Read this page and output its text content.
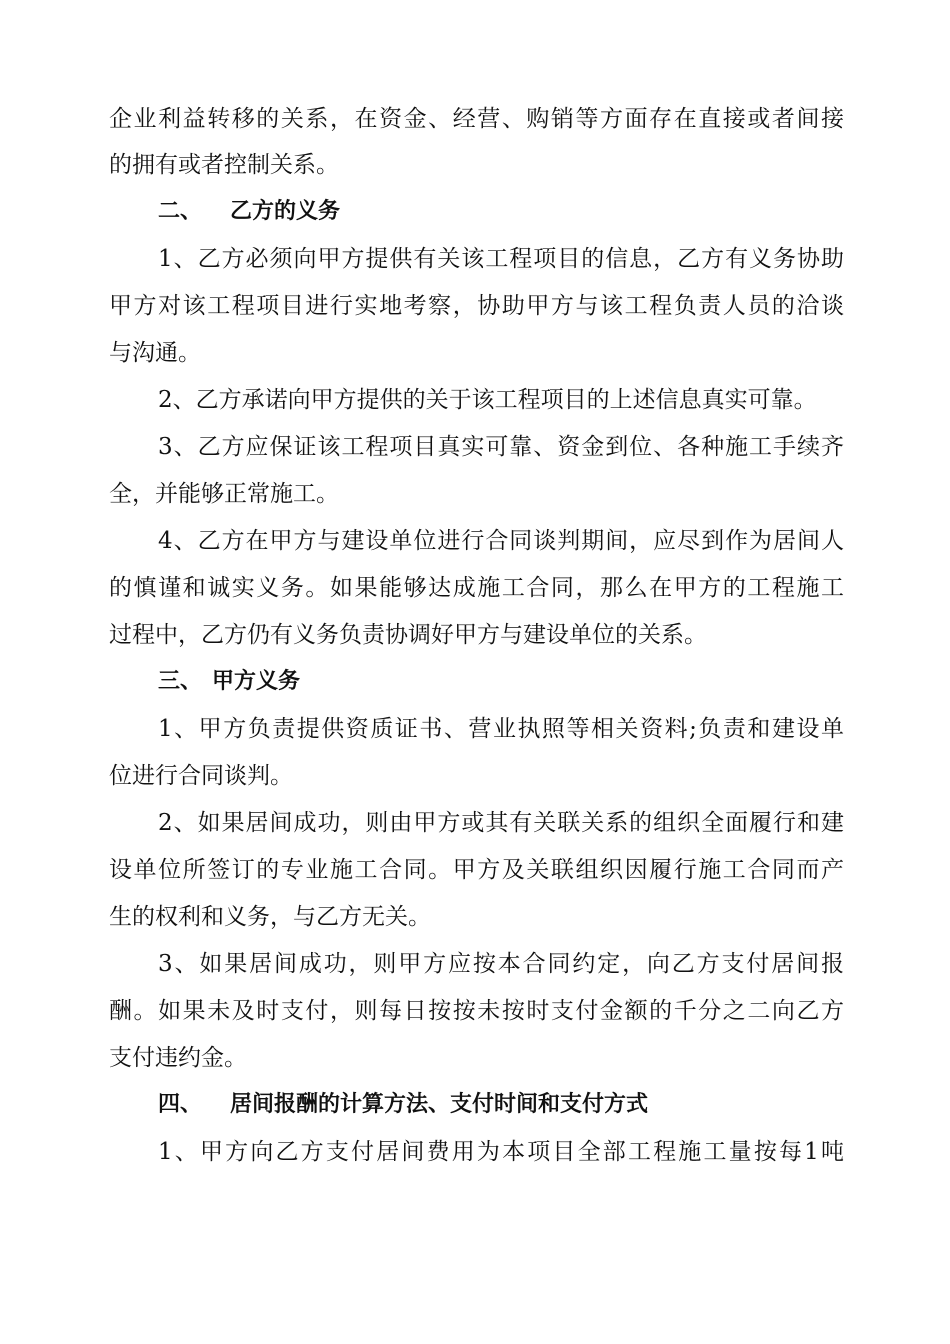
企业利益转移的关系，在资金、经营、购销等方面存在直接或者间接
的拥有或者控制关系。
二、 乙方的义务
1、乙方必须向甲方提供有关该工程项目的信息，乙方有义务协助
甲方对该工程项目进行实地考察，协助甲方与该工程负责人员的洽谈
与沟通。
2、乙方承诺向甲方提供的关于该工程项目的上述信息真实可靠。
3、乙方应保证该工程项目真实可靠、资金到位、各种施工手续齐
全，并能够正常施工。
4、乙方在甲方与建设单位进行合同谈判期间，应尽到作为居间人
的慎谨和诚实义务。如果能够达成施工合同，那么在甲方的工程施工
过程中，乙方仍有义务负责协调好甲方与建设单位的关系。
三、 甲方义务
1、甲方负责提供资质证书、营业执照等相关资料;负责和建设单
位进行合同谈判。
2、如果居间成功，则由甲方或其有关联关系的组织全面履行和建
设单位所签订的专业施工合同。甲方及关联组织因履行施工合同而产
生的权利和义务，与乙方无关。
3、如果居间成功，则甲方应按本合同约定，向乙方支付居间报
酬。如果未及时支付，则每日按按未按时支付金额的千分之二向乙方
支付违约金。
四、 居间报酬的计算方法、支付时间和支付方式
1、甲方向乙方支付居间费用为本项目全部工程施工量按每1吨
